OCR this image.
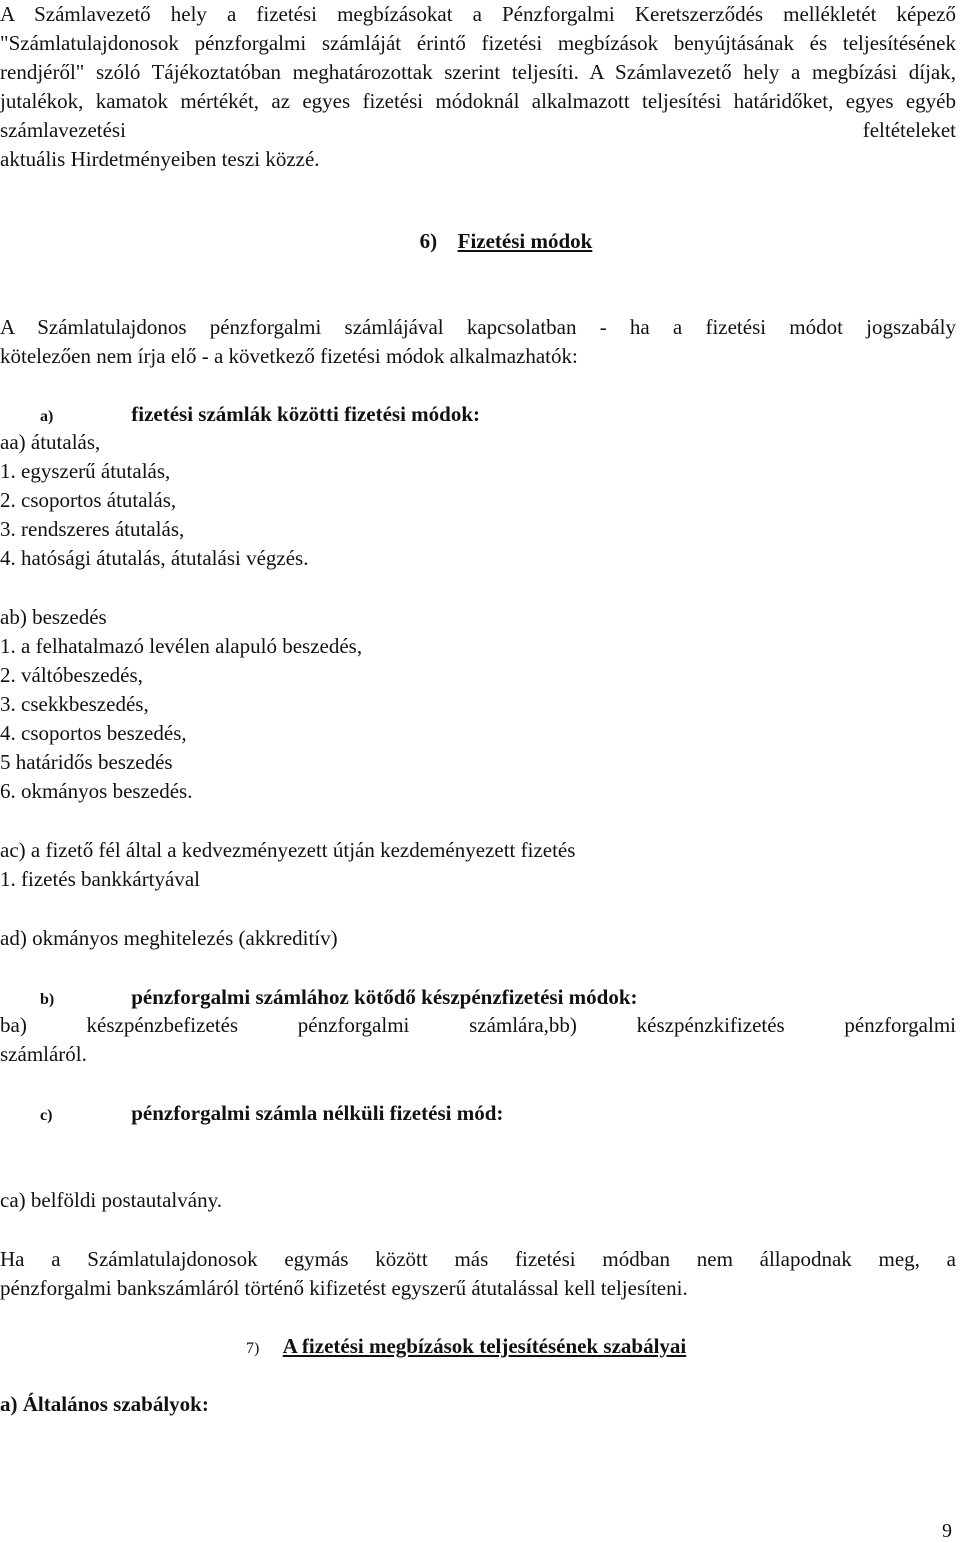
A Számlavezető hely a fizetési megbízásokat a Pénzforgalmi Keretszerződés mellékletét képező "Számlatulajdonosok pénzforgalmi számláját érintő fizetési megbízások benyújtásának és teljesítésének rendjéről" szóló Tájékoztatóban meghatározottak szerint teljesíti. A Számlavezető hely a megbízási díjak, jutalékok, kamatok mértékét, az egyes fizetési módoknál alkalmazott teljesítési határidőket, egyes egyéb számlavezetési feltételeket
aktuális Hirdetményeiben teszi közzé.
6) Fizetési módok
A Számlatulajdonos pénzforgalmi számlájával kapcsolatban - ha a fizetési módot jogszabály
kötelezően nem írja elő - a következő fizetési módok alkalmazhatók:
a)	fizetési számlák közötti fizetési módok:
aa) átutalás,
1. egyszerű átutalás,
2. csoportos átutalás,
3. rendszeres átutalás,
4. hatósági átutalás, átutalási végzés.
ab) beszedés
1. a felhatalmazó levélen alapuló beszedés,
2. váltóbeszedés,
3. csekkbeszedés,
4. csoportos beszedés,
5 határidős beszedés
6. okmányos beszedés.
ac) a fizető fél által a kedvezményezett útján kezdeményezett fizetés
1. fizetés bankkártyával
ad) okmányos meghitelezés (akkreditív)
b)	pénzforgalmi számlához kötődő készpénzfizetési módok:
ba) készpénzbefizetés pénzforgalmi számlára,bb) készpénzkifizetés pénzforgalmi
számláról.
c)	pénzforgalmi számla nélküli fizetési mód:
ca) belföldi postautalvány.
Ha a Számlatulajdonosok egymás között más fizetési módban nem állapodnak meg, a
pénzforgalmi bankszámláról történő kifizetést egyszerű átutalással kell teljesíteni.
7) A fizetési megbízások teljesítésének szabályai
a) Általános szabályok:
9
